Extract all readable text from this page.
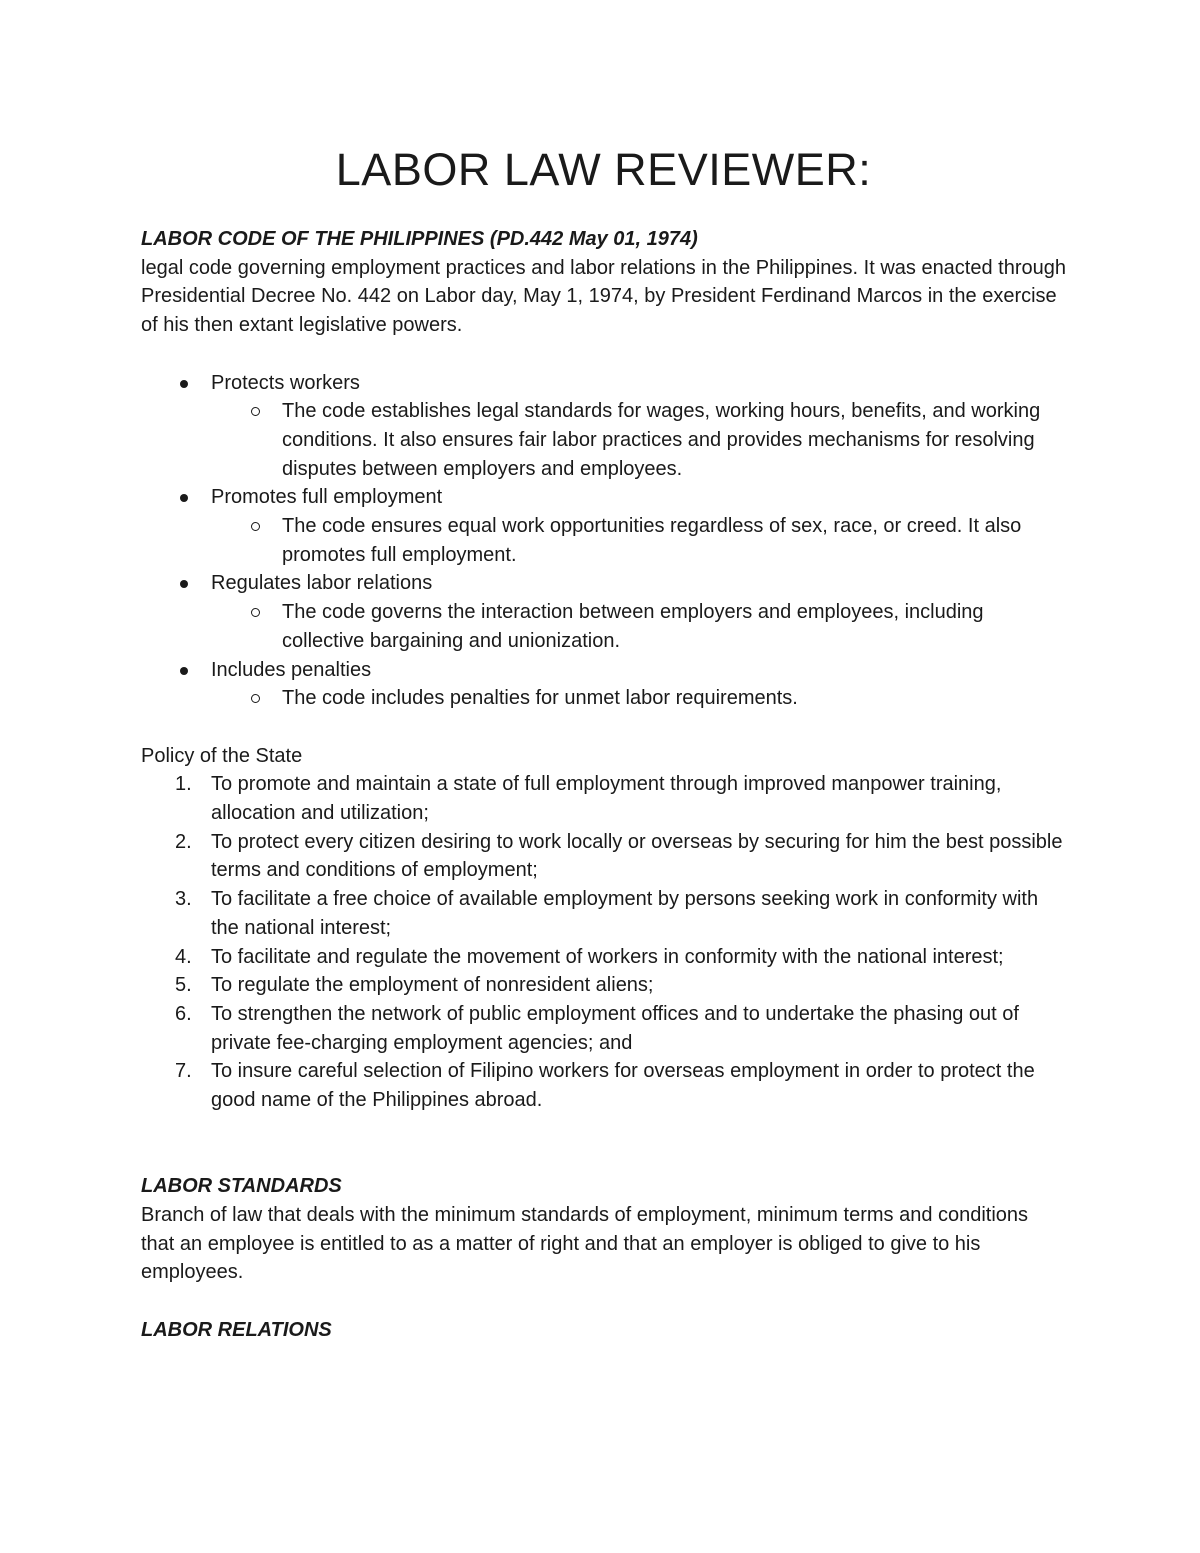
LABOR LAW REVIEWER:

LABOR CODE OF THE PHILIPPINES (PD.442 May 01, 1974)

legal code governing employment practices and labor relations in the Philippines. It was enacted through Presidential Decree No. 442 on Labor day, May 1, 1974, by President Ferdinand Marcos in the exercise of his then extant legislative powers.

Protects workers
The code establishes legal standards for wages, working hours, benefits, and working conditions. It also ensures fair labor practices and provides mechanisms for resolving disputes between employers and employees.
Promotes full employment
The code ensures equal work opportunities regardless of sex, race, or creed. It also promotes full employment.
Regulates labor relations
The code governs the interaction between employers and employees, including collective bargaining and unionization.
Includes penalties
The code includes penalties for unmet labor requirements.

Policy of the State

1. To promote and maintain a state of full employment through improved manpower training, allocation and utilization;
2. To protect every citizen desiring to work locally or overseas by securing for him the best possible terms and conditions of employment;
3. To facilitate a free choice of available employment by persons seeking work in conformity with the national interest;
4. To facilitate and regulate the movement of workers in conformity with the national interest;
5. To regulate the employment of nonresident aliens;
6. To strengthen the network of public employment offices and to undertake the phasing out of private fee-charging employment agencies; and
7. To insure careful selection of Filipino workers for overseas employment in order to protect the good name of the Philippines abroad.

LABOR STANDARDS

Branch of law that deals with the minimum standards of employment, minimum terms and conditions that an employee is entitled to as a matter of right and that an employer is obliged to give to his employees.

LABOR RELATIONS
